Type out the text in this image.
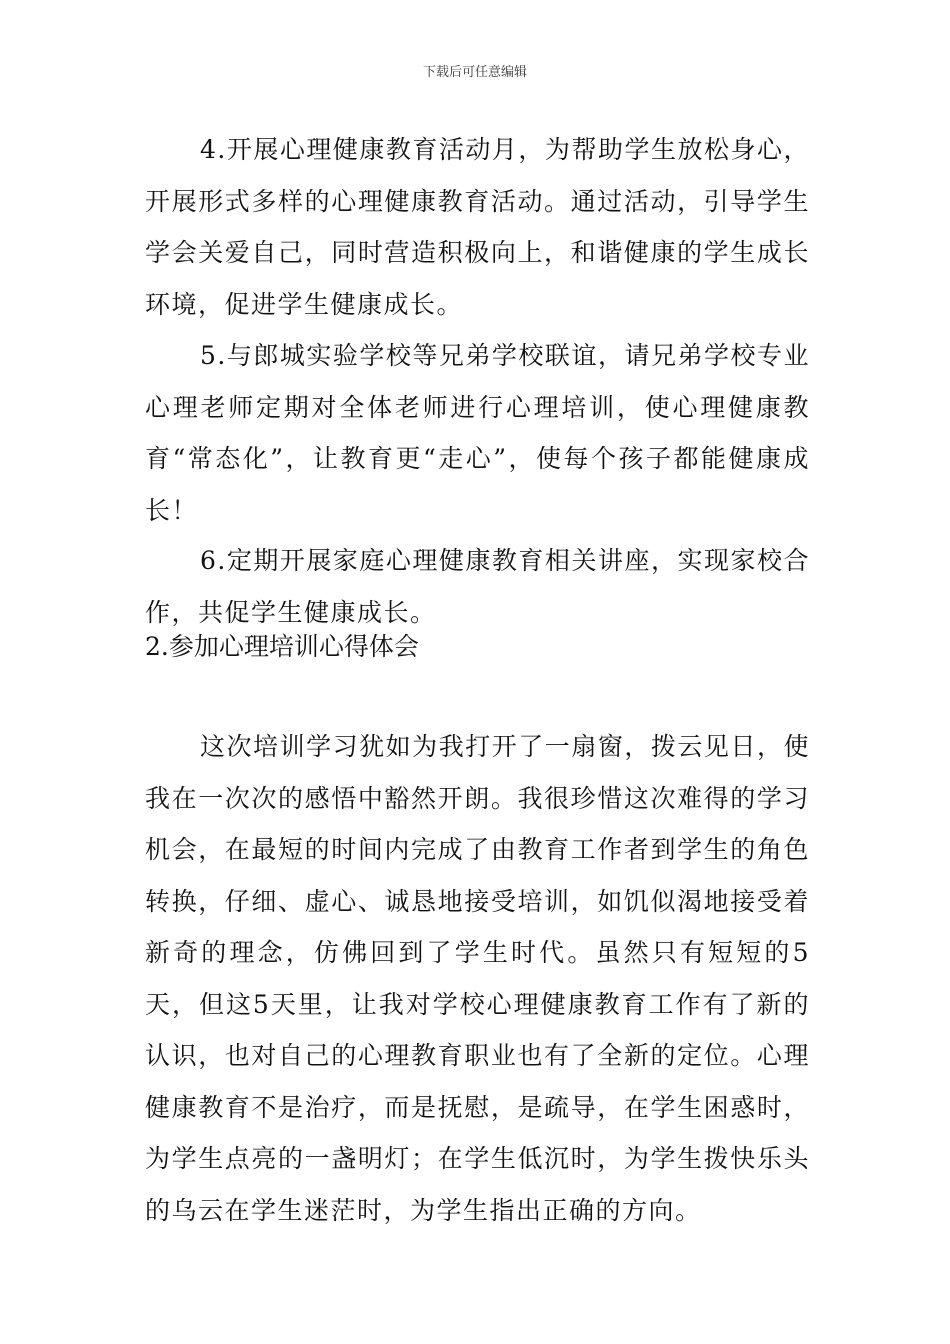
下载后可任意编辑

4.开展心理健康教育活动月，为帮助学生放松身心，开展形式多样的心理健康教育活动。通过活动，引导学生学会关爱自己，同时营造积极向上，和谐健康的学生成长环境，促进学生健康成长。

5.与郎城实验学校等兄弟学校联谊，请兄弟学校专业心理老师定期对全体老师进行心理培训，使心理健康教育“常态化”，让教育更“走心”，使每个孩子都能健康成长！

6.定期开展家庭心理健康教育相关讲座，实现家校合作，共促学生健康成长。

2.参加心理培训心得体会

这次培训学习犹如为我打开了一扇窗，拨云见日，使我在一次次的感悟中豁然开朗。我很珍惜这次难得的学习机会，在最短的时间内完成了由教育工作者到学生的角色转换，仔细、虚心、诚恳地接受培训，如饥似渴地接受着新奇的理念，仿佛回到了学生时代。虽然只有短短的5天，但这5天里，让我对学校心理健康教育工作有了新的认识，也对自己的心理教育职业也有了全新的定位。心理健康教育不是治疗，而是抚慰，是疏导，在学生困惑时，为学生点亮的一盏明灯；在学生低沉时，为学生拨快乐头的乌云在学生迷茫时，为学生指出正确的方向。
